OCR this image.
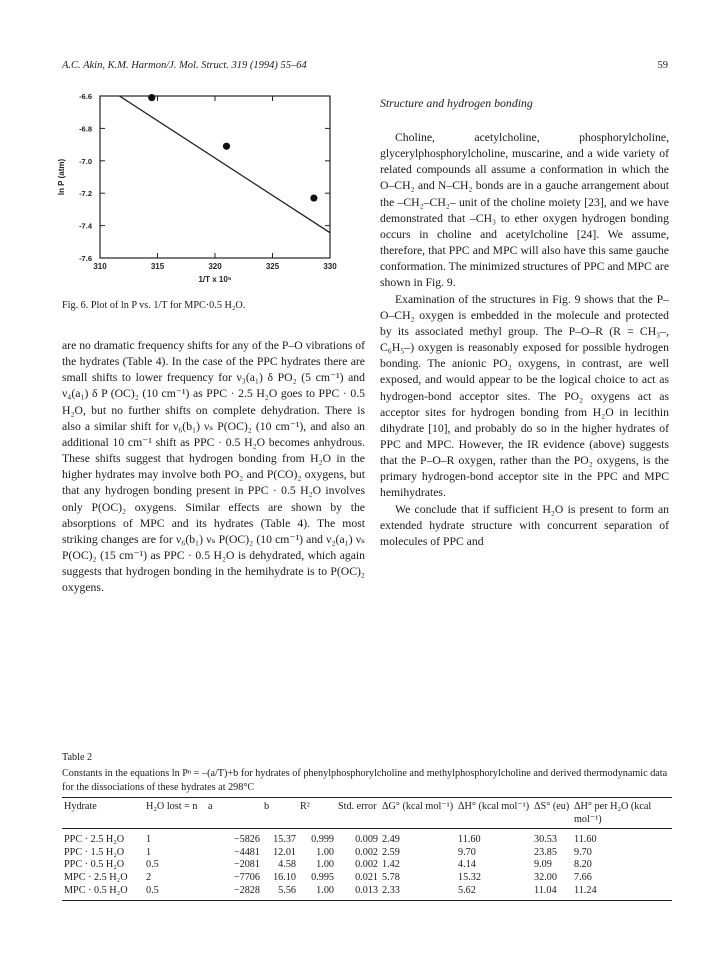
A.C. Akin, K.M. Harmon/J. Mol. Struct. 319 (1994) 55–64	59
-6.6
-6.8
-7.0
-7.2
-7.4
-7.6
310	315	320	325	330
1/T x 10⁵
ln P (atm)
Fig. 6. Plot of ln P vs. 1/T for MPC·0.5 H₂O.

are no dramatic frequency shifts for any of the P–O vibrations of the hydrates (Table 4). In the case of the PPC hydrates there are small shifts to lower frequency for ν₃(a₁) δ PO₂ (5 cm⁻¹) and ν₄(a₁) δ P (OC)₂ (10 cm⁻¹) as PPC · 2.5 H₂O goes to PPC · 0.5 H₂O, but no further shifts on complete dehydration. There is also a similar shift for ν₆(b₁) νₛ P(OC)₂ (10 cm⁻¹), and also an additional 10 cm⁻¹ shift as PPC · 0.5 H₂O becomes anhydrous. These shifts suggest that hydrogen bonding from H₂O in the higher hydrates may involve both PO₂ and P(CO)₂ oxygens, but that any hydrogen bonding present in PPC · 0.5 H₂O involves only P(OC)₂ oxygens. Similar effects are shown by the absorptions of MPC and its hydrates (Table 4). The most striking changes are for ν₆(b₁) νₛ P(OC)₂ (10 cm⁻¹) and ν₂(a₁) νₛ P(OC)₂ (15 cm⁻¹) as PPC · 0.5 H₂O is dehydrated, which again suggests that hydrogen bonding in the hemihydrate is to P(OC)₂ oxygens.

Structure and hydrogen bonding

Choline, acetylcholine, phosphorylcholine, glycerylphosphorylcholine, muscarine, and a wide variety of related compounds all assume a conformation in which the O–CH₂ and N–CH₂ bonds are in a gauche arrangement about the –CH₂–CH₂– unit of the choline moiety [23], and we have demonstrated that –CH₃ to ether oxygen hydrogen bonding occurs in choline and acetylcholine [24]. We assume, therefore, that PPC and MPC will also have this same gauche conformation. The minimized structures of PPC and MPC are shown in Fig. 9.

Examination of the structures in Fig. 9 shows that the P–O–CH₂ oxygen is embedded in the molecule and protected by its associated methyl group. The P–O–R (R = CH₃–, C₆H₅–) oxygen is reasonably exposed for possible hydrogen bonding. The anionic PO₂ oxygens, in contrast, are well exposed, and would appear to be the logical choice to act as hydrogen-bond acceptor sites. The PO₂ oxygens act as acceptor sites for hydrogen bonding from H₂O in lecithin dihydrate [10], and probably do so in the higher hydrates of PPC and MPC. However, the IR evidence (above) suggests that the P–O–R oxygen, rather than the PO₂ oxygens, is the primary hydrogen-bond acceptor site in the PPC and MPC hemihydrates.

We conclude that if sufficient H₂O is present to form an extended hydrate structure with concurrent separation of molecules of PPC and

Table 2
Constants in the equations ln Pⁿ = –(a/T)+b for hydrates of phenylphosphorylcholine and methylphosphorylcholine and derived thermodynamic data for the dissociations of these hydrates at 298°C
Hydrate	H₂O lost = n	a	b	R²	Std. error	ΔG° (kcal mol⁻¹)	ΔH° (kcal mol⁻¹)	ΔS° (eu)	ΔH° per H₂O (kcal mol⁻¹)
PPC · 2.5 H₂O	1	−5826	15.37	0.999	0.009	2.49	11.60	30.53	11.60
PPC · 1.5 H₂O	1	−4481	12.01	1.00	0.002	2.59	9.70	23.85	9.70
PPC · 0.5 H₂O	0.5	−2081	4.58	1.00	0.002	1.42	4.14	9.09	8.20
MPC · 2.5 H₂O	2	−7706	16.10	0.995	0.021	5.78	15.32	32.00	7.66
MPC · 0.5 H₂O	0.5	−2828	5.56	1.00	0.013	2.33	5.62	11.04	11.24
